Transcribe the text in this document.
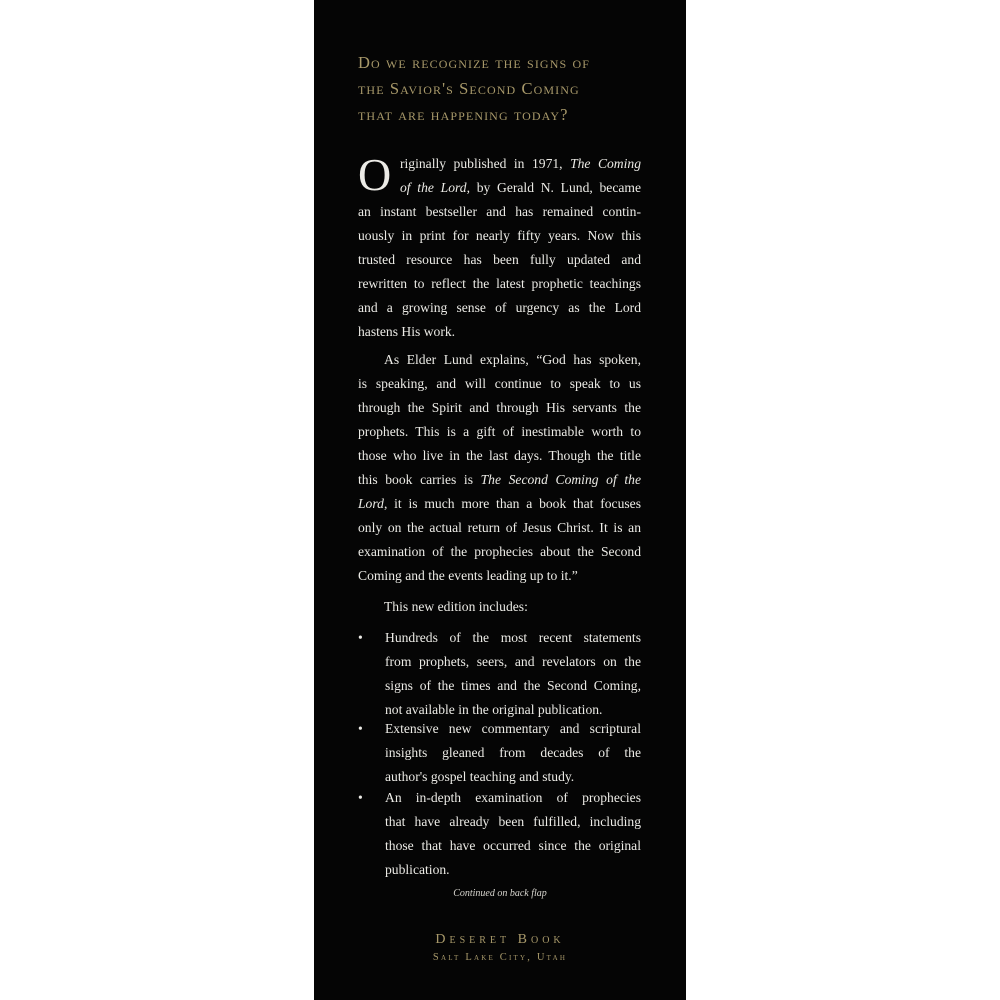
Do we recognize the signs of
the Savior's Second Coming
that are happening today?
O riginally published in 1971, The Coming
of the Lord, by Gerald N. Lund, became
an instant bestseller and has remained contin-
uously in print for nearly fifty years. Now this
trusted resource has been fully updated and
rewritten to reflect the latest prophetic teachings
and a growing sense of urgency as the Lord
hastens His work.
As Elder Lund explains, “God has spoken,
is speaking, and will continue to speak to us
through the Spirit and through His servants the
prophets. This is a gift of inestimable worth to
those who live in the last days. Though the title
this book carries is The Second Coming of the
Lord, it is much more than a book that focuses
only on the actual return of Jesus Christ. It is an
examination of the prophecies about the Second
Coming and the events leading up to it.”
This new edition includes:
•	Hundreds of the most recent statements
from prophets, seers, and revelators on the
signs of the times and the Second Coming,
not available in the original publication.
•	Extensive new commentary and scriptural
insights gleaned from decades of the
author's gospel teaching and study.
•	An in-depth examination of prophecies
that have already been fulfilled, including
those that have occurred since the original
publication.
Continued on back flap
Deseret Book
Salt Lake City, Utah
